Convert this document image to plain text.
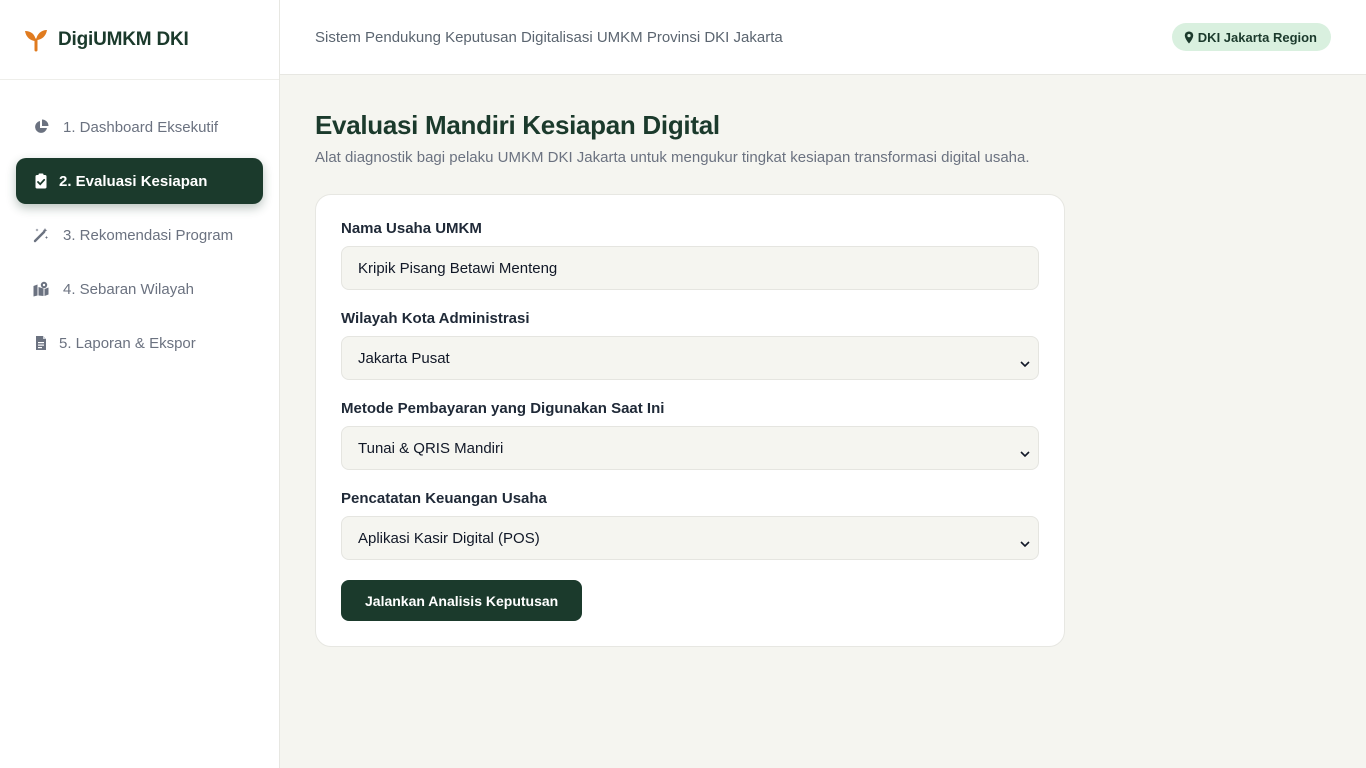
DigiUMKM DKI
1. Dashboard Eksekutif
2. Evaluasi Kesiapan
3. Rekomendasi Program
4. Sebaran Wilayah
5. Laporan & Ekspor
Sistem Pendukung Keputusan Digitalisasi UMKM Provinsi DKI Jakarta	DKI Jakarta Region
Evaluasi Mandiri Kesiapan Digital

Alat diagnostik bagi pelaku UMKM DKI Jakarta untuk mengukur tingkat kesiapan transformasi digital usaha.

Nama Usaha UMKM
Kripik Pisang Betawi Menteng
Wilayah Kota Administrasi
Jakarta Pusat
Metode Pembayaran yang Digunakan Saat Ini
Tunai & QRIS Mandiri
Pencatatan Keuangan Usaha
Aplikasi Kasir Digital (POS)
Jalankan Analisis Keputusan
